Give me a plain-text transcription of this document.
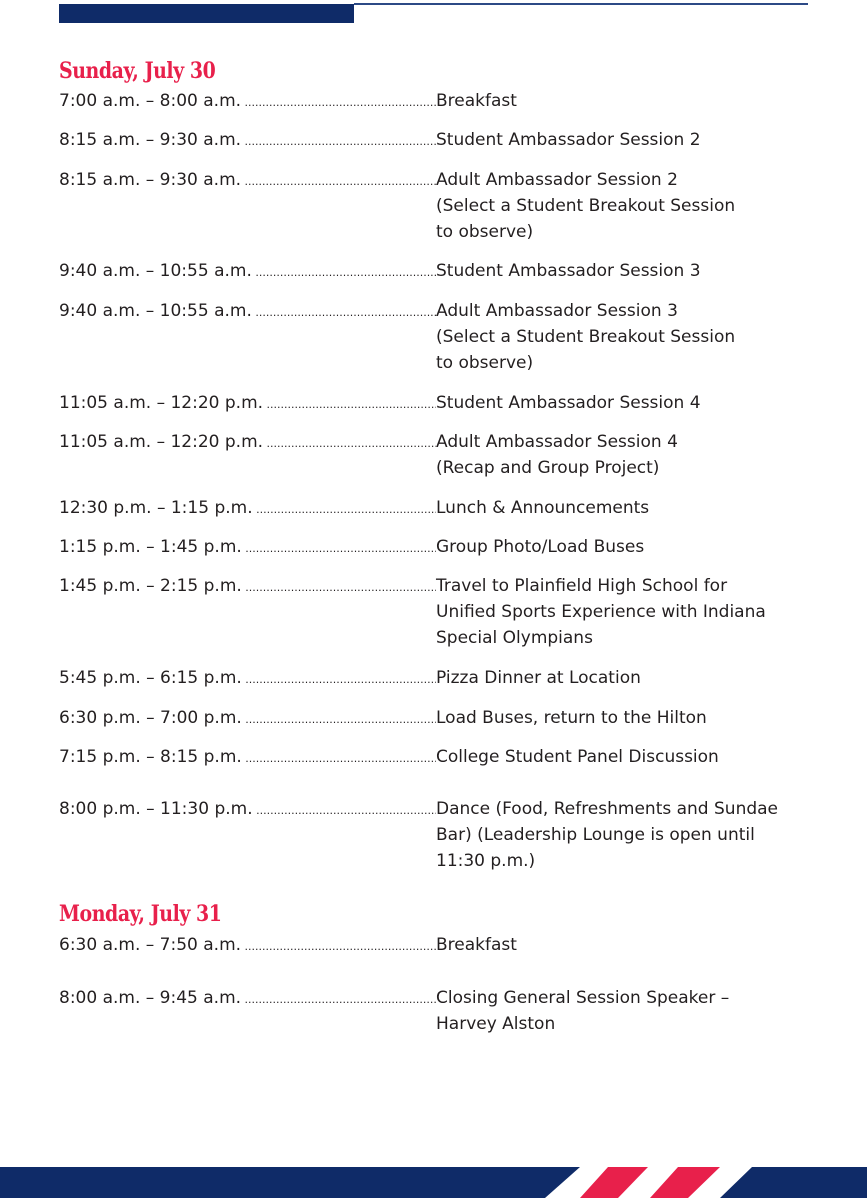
Sunday, July 30
7:00 a.m. – 8:00 a.m. .....	Breakfast
8:15 a.m. – 9:30 a.m. .....	Student Ambassador Session 2
8:15 a.m. – 9:30 a.m. .....	Adult Ambassador Session 2
(Select a Student Breakout Session
to observe)
9:40 a.m. – 10:55 a.m. .....	Student Ambassador Session 3
9:40 a.m. – 10:55 a.m. .....	Adult Ambassador Session 3
(Select a Student Breakout Session
to observe)
11:05 a.m. – 12:20 p.m. .....	Student Ambassador Session 4
11:05 a.m. – 12:20 p.m. .....	Adult Ambassador Session 4
(Recap and Group Project)
12:30 p.m. – 1:15 p.m. .....	Lunch & Announcements
1:15 p.m. – 1:45 p.m. .....	Group Photo/Load Buses
1:45 p.m. – 2:15 p.m. .....	Travel to Plainfield High School for
Unified Sports Experience with Indiana
Special Olympians
5:45 p.m. – 6:15 p.m. .....	Pizza Dinner at Location
6:30 p.m. – 7:00 p.m. .....	Load Buses, return to the Hilton
7:15 p.m. – 8:15 p.m. .....	College Student Panel Discussion
8:00 p.m. – 11:30 p.m. .....	Dance (Food, Refreshments and Sundae
Bar) (Leadership Lounge is open until
11:30 p.m.)
Monday, July 31
6:30 a.m. – 7:50 a.m. .....	Breakfast
8:00 a.m. – 9:45 a.m. .....	Closing General Session Speaker –
Harvey Alston
